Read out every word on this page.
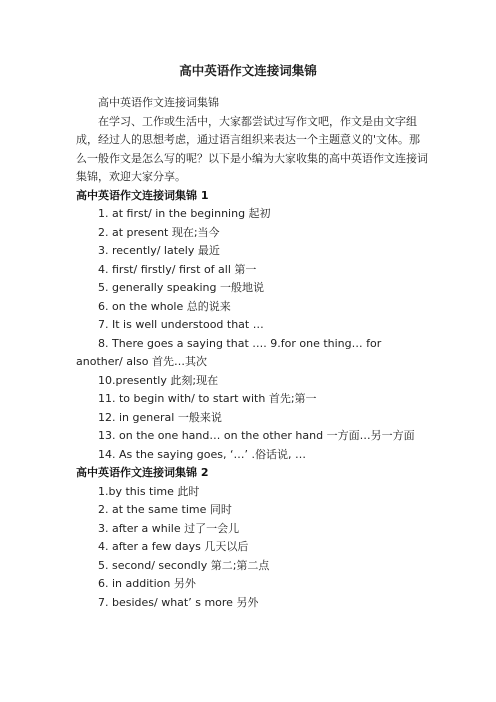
高中英语作文连接词集锦

高中英语作文连接词集锦

在学习、工作或生活中，大家都尝试过写作文吧，作文是由文字组成，经过人的思想考虑，通过语言组织来表达一个主题意义的'文体。那么一般作文是怎么写的呢？以下是小编为大家收集的高中英语作文连接词集锦，欢迎大家分享。

高中英语作文连接词集锦 1

1. at first/ in the beginning 起初

2. at present 现在;当今

3. recently/ lately 最近

4. first/ firstly/ first of all 第一

5. generally speaking 一般地说

6. on the whole 总的说来

7. It is well understood that …

8. There goes a saying that …. 9.for one thing… for another/ also 首先…其次

10.presently 此刻;现在

11. to begin with/ to start with 首先;第一

12. in general 一般来说

13. on the one hand… on the other hand 一方面…另一方面

14. As the saying goes, ‘…’ .俗话说, …

高中英语作文连接词集锦 2

1.by this time 此时

2. at the same time 同时

3. after a while 过了一会儿

4. after a few days 几天以后

5. second/ secondly 第二;第二点

6. in addition 另外

7. besides/ what’ s more 另外
